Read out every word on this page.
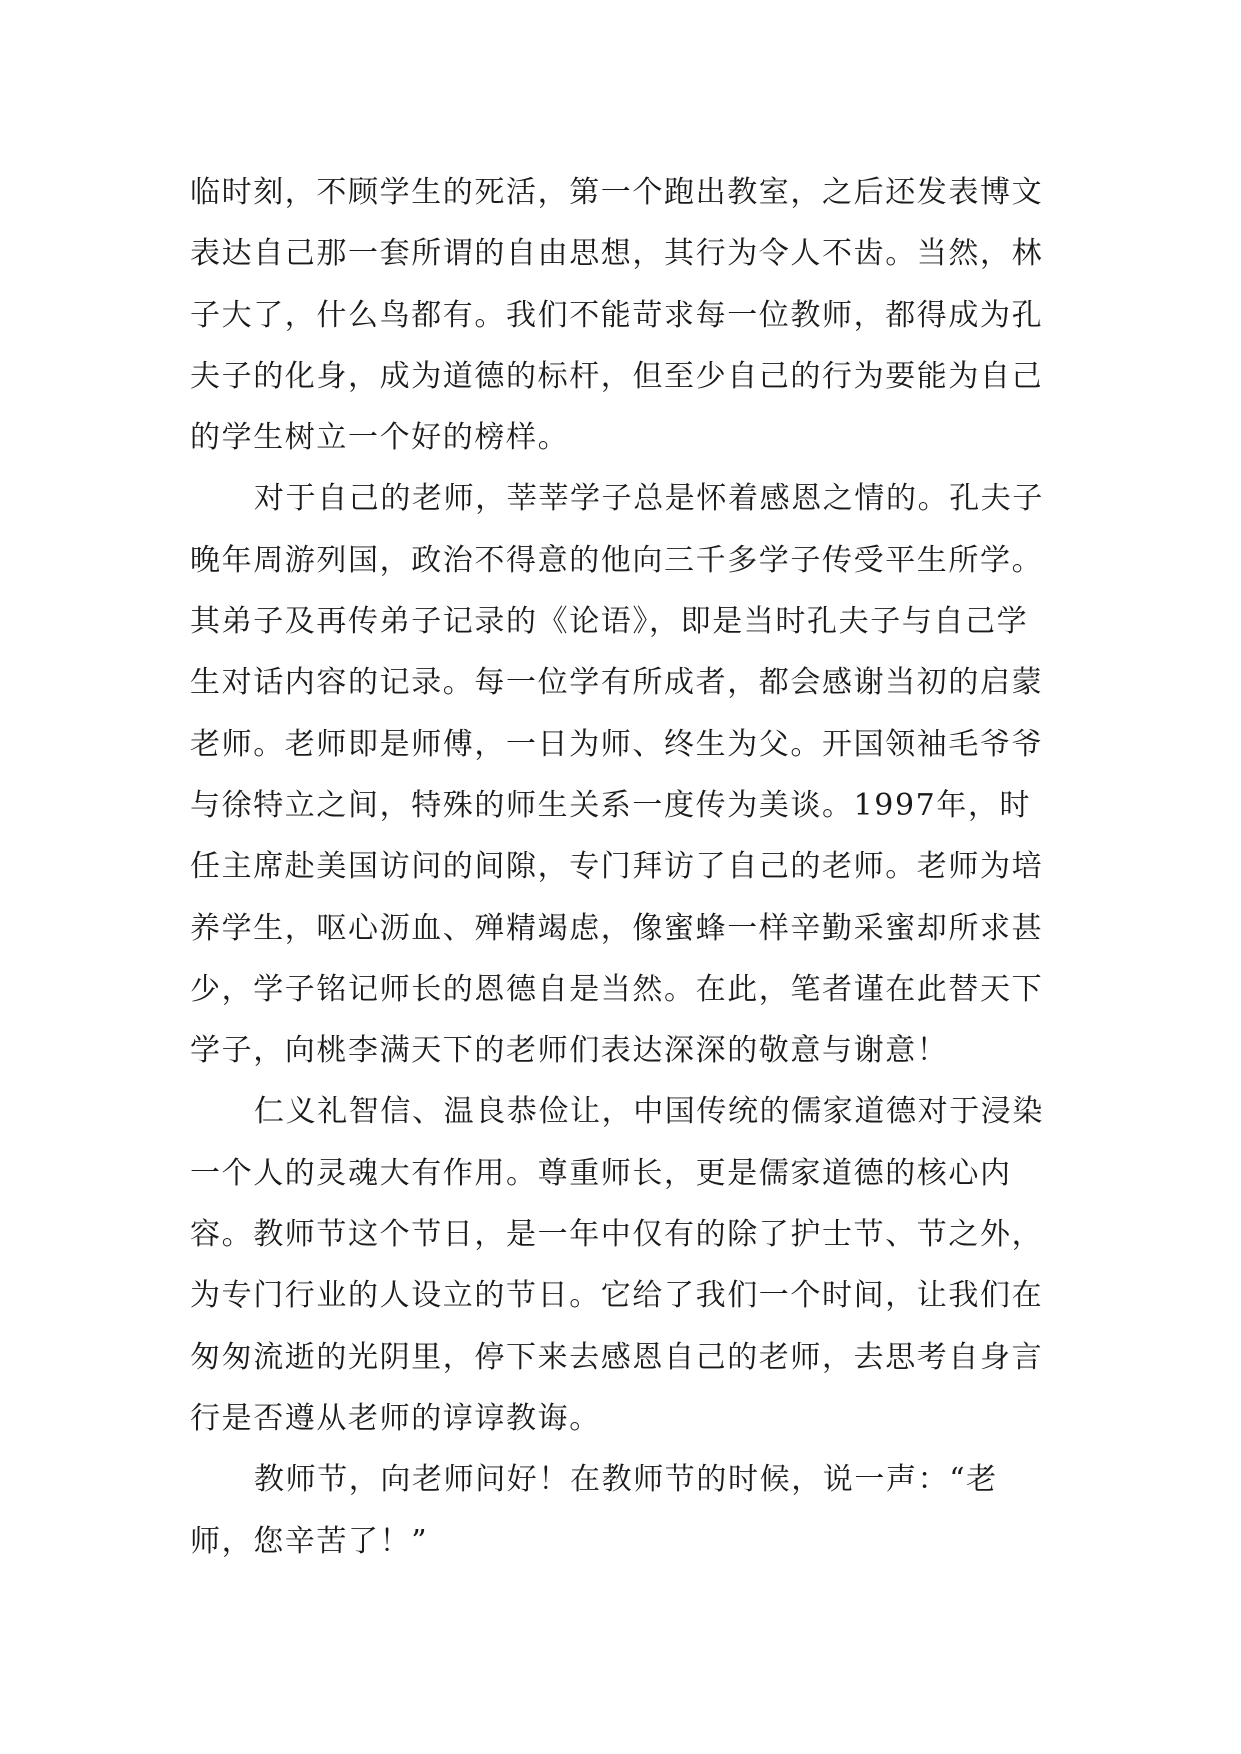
临时刻，不顾学生的死活，第一个跑出教室，之后还发表博文表达自己那一套所谓的自由思想，其行为令人不齿。当然，林子大了，什么鸟都有。我们不能苛求每一位教师，都得成为孔夫子的化身，成为道德的标杆，但至少自己的行为要能为自己的学生树立一个好的榜样。

对于自己的老师，莘莘学子总是怀着感恩之情的。孔夫子晚年周游列国，政治不得意的他向三千多学子传受平生所学。其弟子及再传弟子记录的《论语》，即是当时孔夫子与自己学生对话内容的记录。每一位学有所成者，都会感谢当初的启蒙老师。老师即是师傅，一日为师、终生为父。开国领袖毛爷爷与徐特立之间，特殊的师生关系一度传为美谈。1997年，时任主席赴美国访问的间隙，专门拜访了自己的老师。老师为培养学生，呕心沥血、殚精竭虑，像蜜蜂一样辛勤采蜜却所求甚少，学子铭记师长的恩德自是当然。在此，笔者谨在此替天下学子，向桃李满天下的老师们表达深深的敬意与谢意！

仁义礼智信、温良恭俭让，中国传统的儒家道德对于浸染一个人的灵魂大有作用。尊重师长，更是儒家道德的核心内容。教师节这个节日，是一年中仅有的除了护士节、节之外，为专门行业的人设立的节日。它给了我们一个时间，让我们在匆匆流逝的光阴里，停下来去感恩自己的老师，去思考自身言行是否遵从老师的谆谆教诲。

教师节，向老师问好！在教师节的时候，说一声：“老师，您辛苦了！”
